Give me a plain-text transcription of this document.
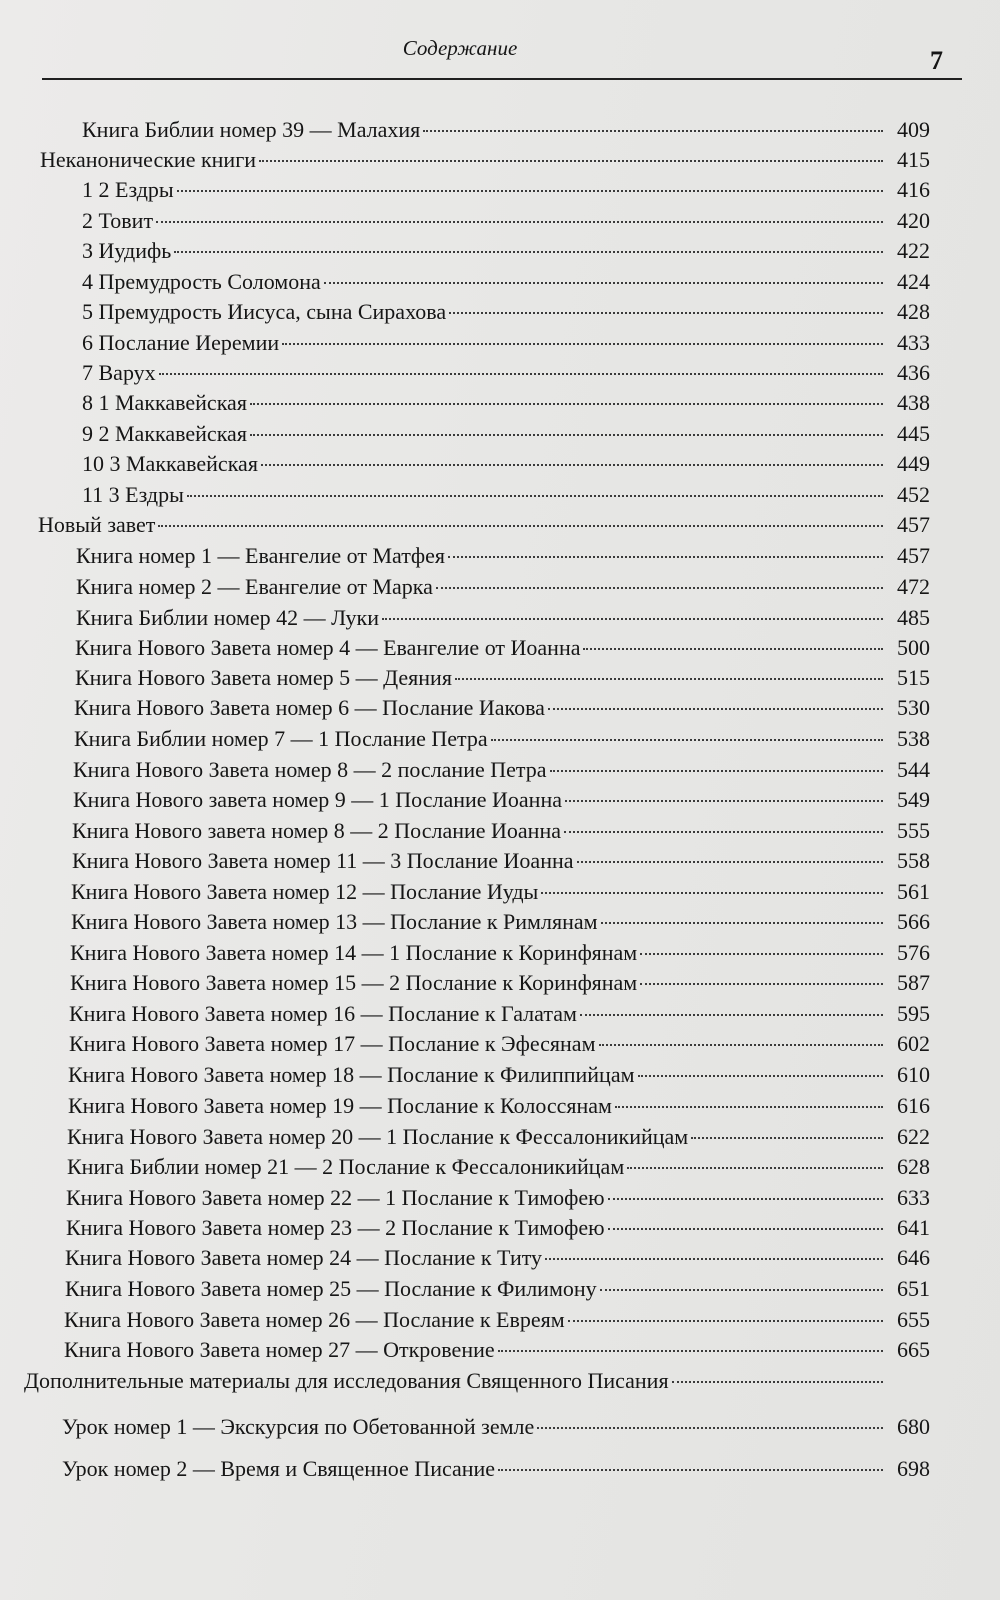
Содержание	7
Книга Библии номер 39 — Малахия	409
Неканонические книги	415
1 2 Ездры	416
2 Товит	420
3 Иудифь	422
4 Премудрость Соломона	424
5 Премудрость Иисуса, сына Сирахова	428
6 Послание Иеремии	433
7 Варух	436
8 1 Маккавейская	438
9 2 Маккавейская	445
10 3 Маккавейская	449
11 3 Ездры	452
Новый завет	457
Книга номер 1 — Евангелие от Матфея	457
Книга номер 2 — Евангелие от Марка	472
Книга Библии номер 42 — Луки	485
Книга Нового Завета номер 4 — Евангелие от Иоанна	500
Книга Нового Завета номер 5 — Деяния	515
Книга Нового Завета номер 6 — Послание Иакова	530
Книга Библии номер 7 — 1 Послание Петра	538
Книга Нового Завета номер 8 — 2 послание Петра	544
Книга Нового завета номер 9 — 1 Послание Иоанна	549
Книга Нового завета номер 8 — 2 Послание Иоанна	555
Книга Нового Завета номер 11 — 3 Послание Иоанна	558
Книга Нового Завета номер 12 — Послание Иуды	561
Книга Нового Завета номер 13 — Послание к Римлянам	566
Книга Нового Завета номер 14 — 1 Послание к Коринфянам	576
Книга Нового Завета номер 15 — 2 Послание к Коринфянам	587
Книга Нового Завета номер 16 — Послание к Галатам	595
Книга Нового Завета номер 17 — Послание к Эфесянам	602
Книга Нового Завета номер 18 — Послание к Филиппийцам	610
Книга Нового Завета номер 19 — Послание к Колоссянам	616
Книга Нового Завета номер 20 — 1 Послание к Фессалоникийцам	622
Книга Библии номер 21 — 2 Послание к Фессалоникийцам	628
Книга Нового Завета номер 22 — 1 Послание к Тимофею	633
Книга Нового Завета номер 23 — 2 Послание к Тимофею	641
Книга Нового Завета номер 24 — Послание к Титу	646
Книга Нового Завета номер 25 — Послание к Филимону	651
Книга Нового Завета номер 26 — Послание к Евреям	655
Книга Нового Завета номер 27 — Откровение	665
Дополнительные материалы для исследования Священного Писания
Урок номер 1 — Экскурсия по Обетованной земле	680
Урок номер 2 — Время и Священное Писание	698
